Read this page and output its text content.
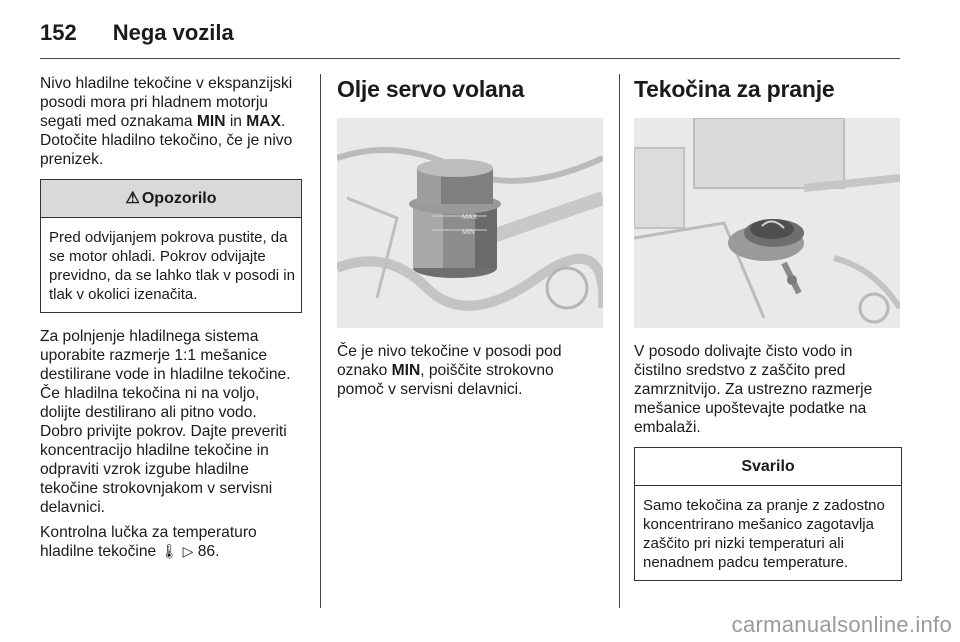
152 Nega vozila

Nivo hladilne tekočine v ekspanzijski posodi mora pri hladnem motorju segati med oznakama MIN in MAX. Dotočite hladilno tekočino, če je nivo prenizek.

⚠ Opozorilo
Pred odvijanjem pokrova pustite, da se motor ohladi. Pokrov odvijajte previdno, da se lahko tlak v posodi in tlak v okolici izenačita.

Za polnjenje hladilnega sistema uporabite razmerje 1:1 mešanice destilirane vode in hladilne tekočine. Če hladilna tekočina ni na voljo, dolijte destilirano ali pitno vodo. Dobro privijte pokrov. Dajte preveriti koncentracijo hladilne tekočine in odpraviti vzrok izgube hladilne tekočine strokovnjakom v servisni delavnici.

Kontrolna lučka za temperaturo hladilne tekočine 🌡 ▷ 86.

Olje servo volana
MAX
MIN

Če je nivo tekočine v posodi pod oznako MIN, poiščite strokovno pomoč v servisni delavnici.

Tekočina za pranje

V posodo dolivajte čisto vodo in čistilno sredstvo z zaščito pred zamrznitvijo. Za ustrezno razmerje mešanice upoštevajte podatke na embalaži.

Svarilo
Samo tekočina za pranje z zadostno koncentrirano mešanico zagotavlja zaščito pri nizki temperaturi ali nenadnem padcu temperature.
carmanualsonline.info
